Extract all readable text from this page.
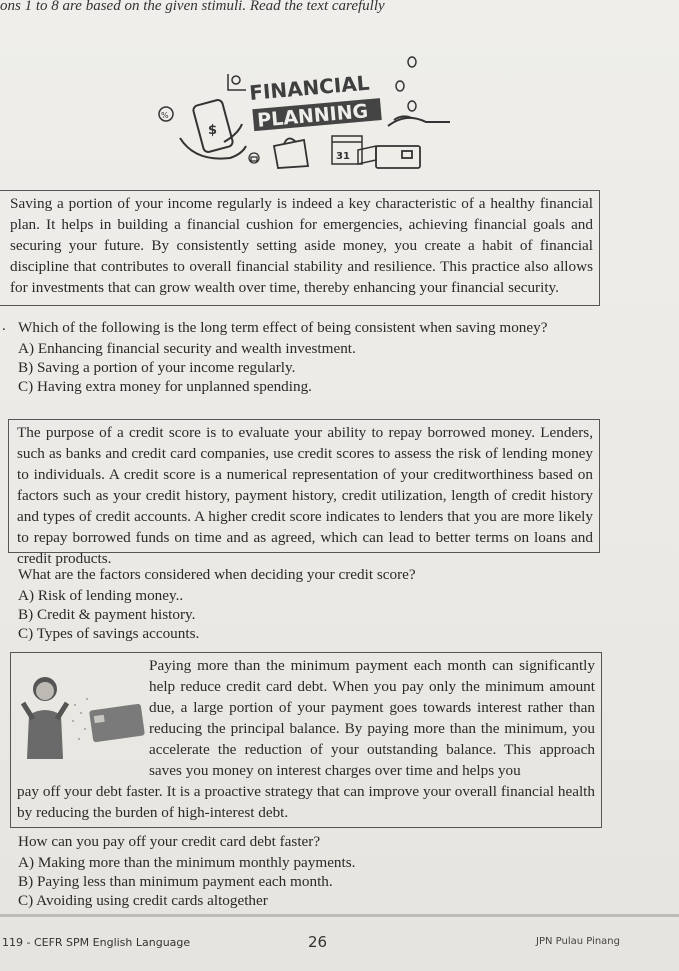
ons 1 to 8 are based on the given stimuli. Read the text carefully
$
%
FINANCIAL
PLANNING
31

Saving a portion of your income regularly is indeed a key characteristic of a healthy financial plan. It helps in building a financial cushion for emergencies, achieving financial goals and securing your future. By consistently setting aside money, you create a habit of financial discipline that contributes to overall financial stability and resilience. This practice also allows for investments that can grow wealth over time, thereby enhancing your financial security.

. Which of the following is the long term effect of being consistent when saving money?

A) Enhancing financial security and wealth investment.

B) Saving a portion of your income regularly.

C) Having extra money for unplanned spending.

The purpose of a credit score is to evaluate your ability to repay borrowed money. Lenders, such as banks and credit card companies, use credit scores to assess the risk of lending money to individuals. A credit score is a numerical representation of your creditworthiness based on factors such as your credit history, payment history, credit utilization, length of credit history and types of credit accounts. A higher credit score indicates to lenders that you are more likely to repay borrowed funds on time and as agreed, which can lead to better terms on loans and credit products.

What are the factors considered when deciding your credit score?

A) Risk of lending money..

B) Credit & payment history.

C) Types of savings accounts.

Paying more than the minimum payment each month can significantly help reduce credit card debt. When you pay only the minimum amount due, a large portion of your payment goes towards interest rather than reducing the principal balance. By paying more than the minimum, you accelerate the reduction of your outstanding balance. This approach saves you money on interest charges over time and helps you
pay off your debt faster. It is a proactive strategy that can improve your overall financial health by reducing the burden of high-interest debt.

How can you pay off your credit card debt faster?

A) Making more than the minimum monthly payments.

B) Paying less than minimum payment each month.

C) Avoiding using credit cards altogether

119 - CEFR SPM English Language	26	JPN Pulau Pinang
